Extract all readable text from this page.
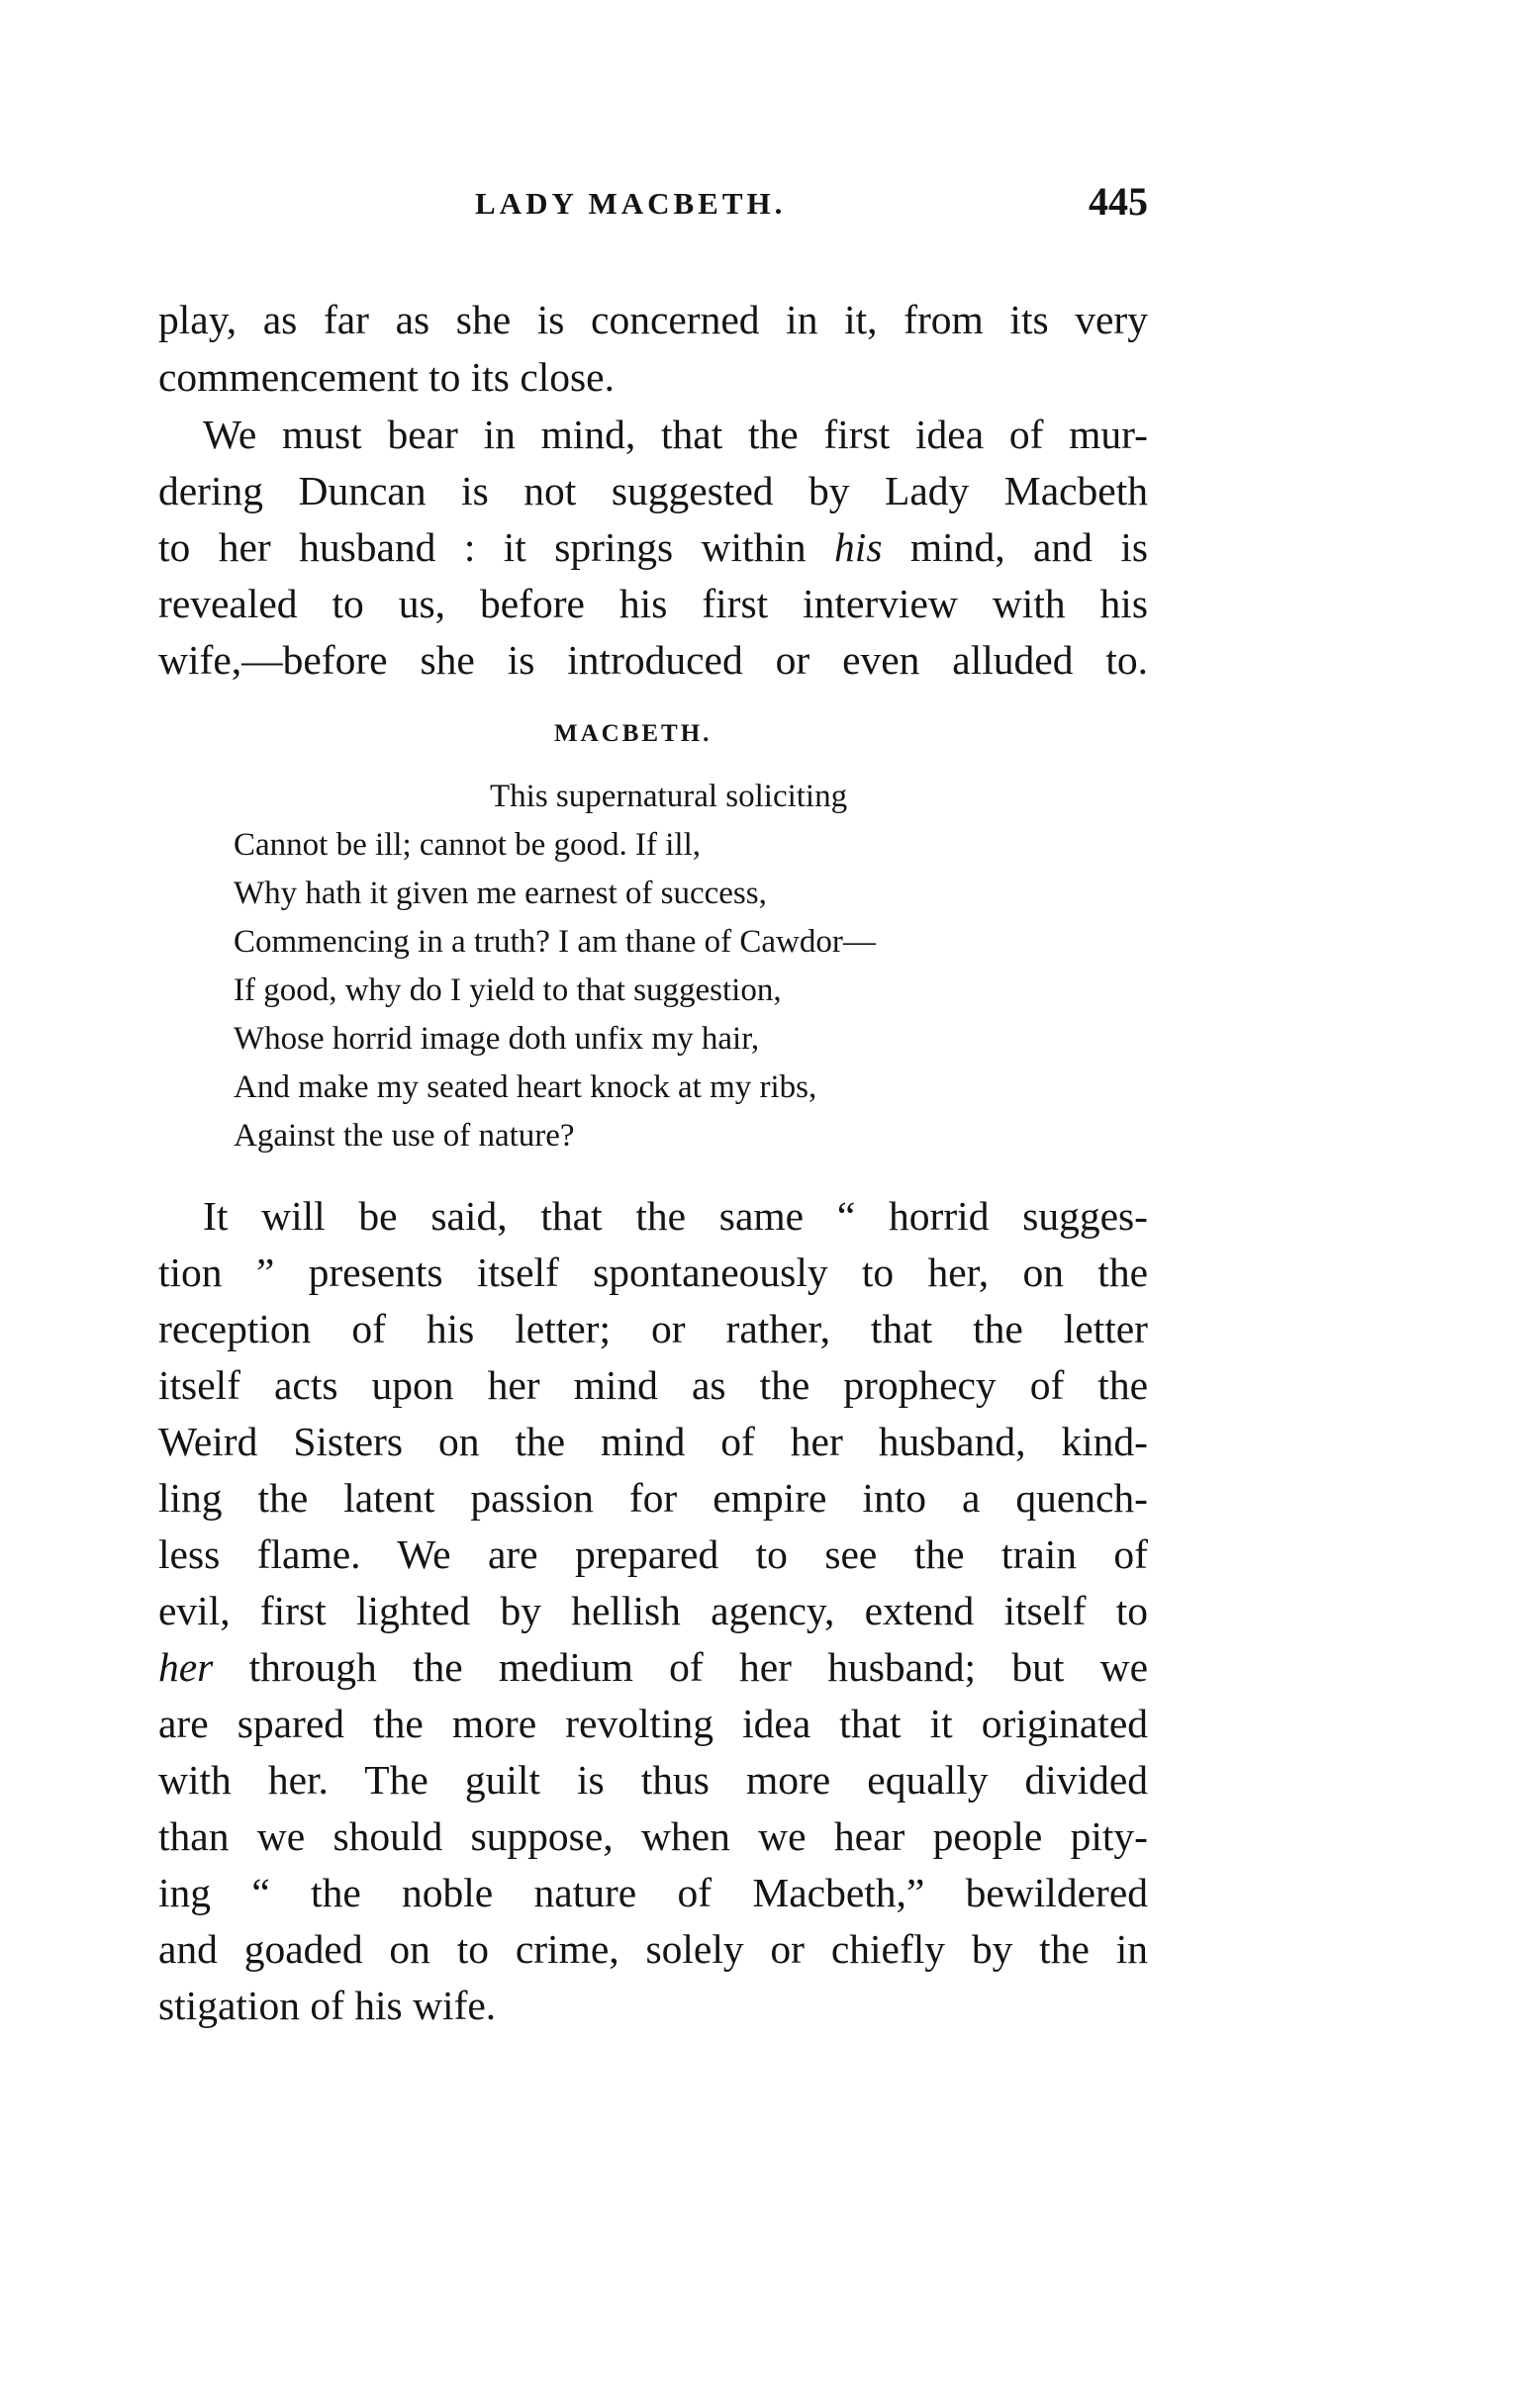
LADY MACBETH.	445
play, as far as she is concerned in it, from its very
commencement to its close.
We must bear in mind, that the first idea of mur-
dering Duncan is not suggested by Lady Macbeth
to her husband : it springs within his mind, and is
revealed to us, before his first interview with his
wife,—before she is introduced or even alluded to.
MACBETH.
This supernatural soliciting
Cannot be ill; cannot be good. If ill,
Why hath it given me earnest of success,
Commencing in a truth? I am thane of Cawdor—
If good, why do I yield to that suggestion,
Whose horrid image doth unfix my hair,
And make my seated heart knock at my ribs,
Against the use of nature?
It will be said, that the same “ horrid sugges-
tion ” presents itself spontaneously to her, on the
reception of his letter; or rather, that the letter
itself acts upon her mind as the prophecy of the
Weird Sisters on the mind of her husband, kind-
ling the latent passion for empire into a quench-
less flame. We are prepared to see the train of
evil, first lighted by hellish agency, extend itself to
her through the medium of her husband; but we
are spared the more revolting idea that it originated
with her. The guilt is thus more equally divided
than we should suppose, when we hear people pity-
ing “ the noble nature of Macbeth,” bewildered
and goaded on to crime, solely or chiefly by the in
stigation of his wife.
